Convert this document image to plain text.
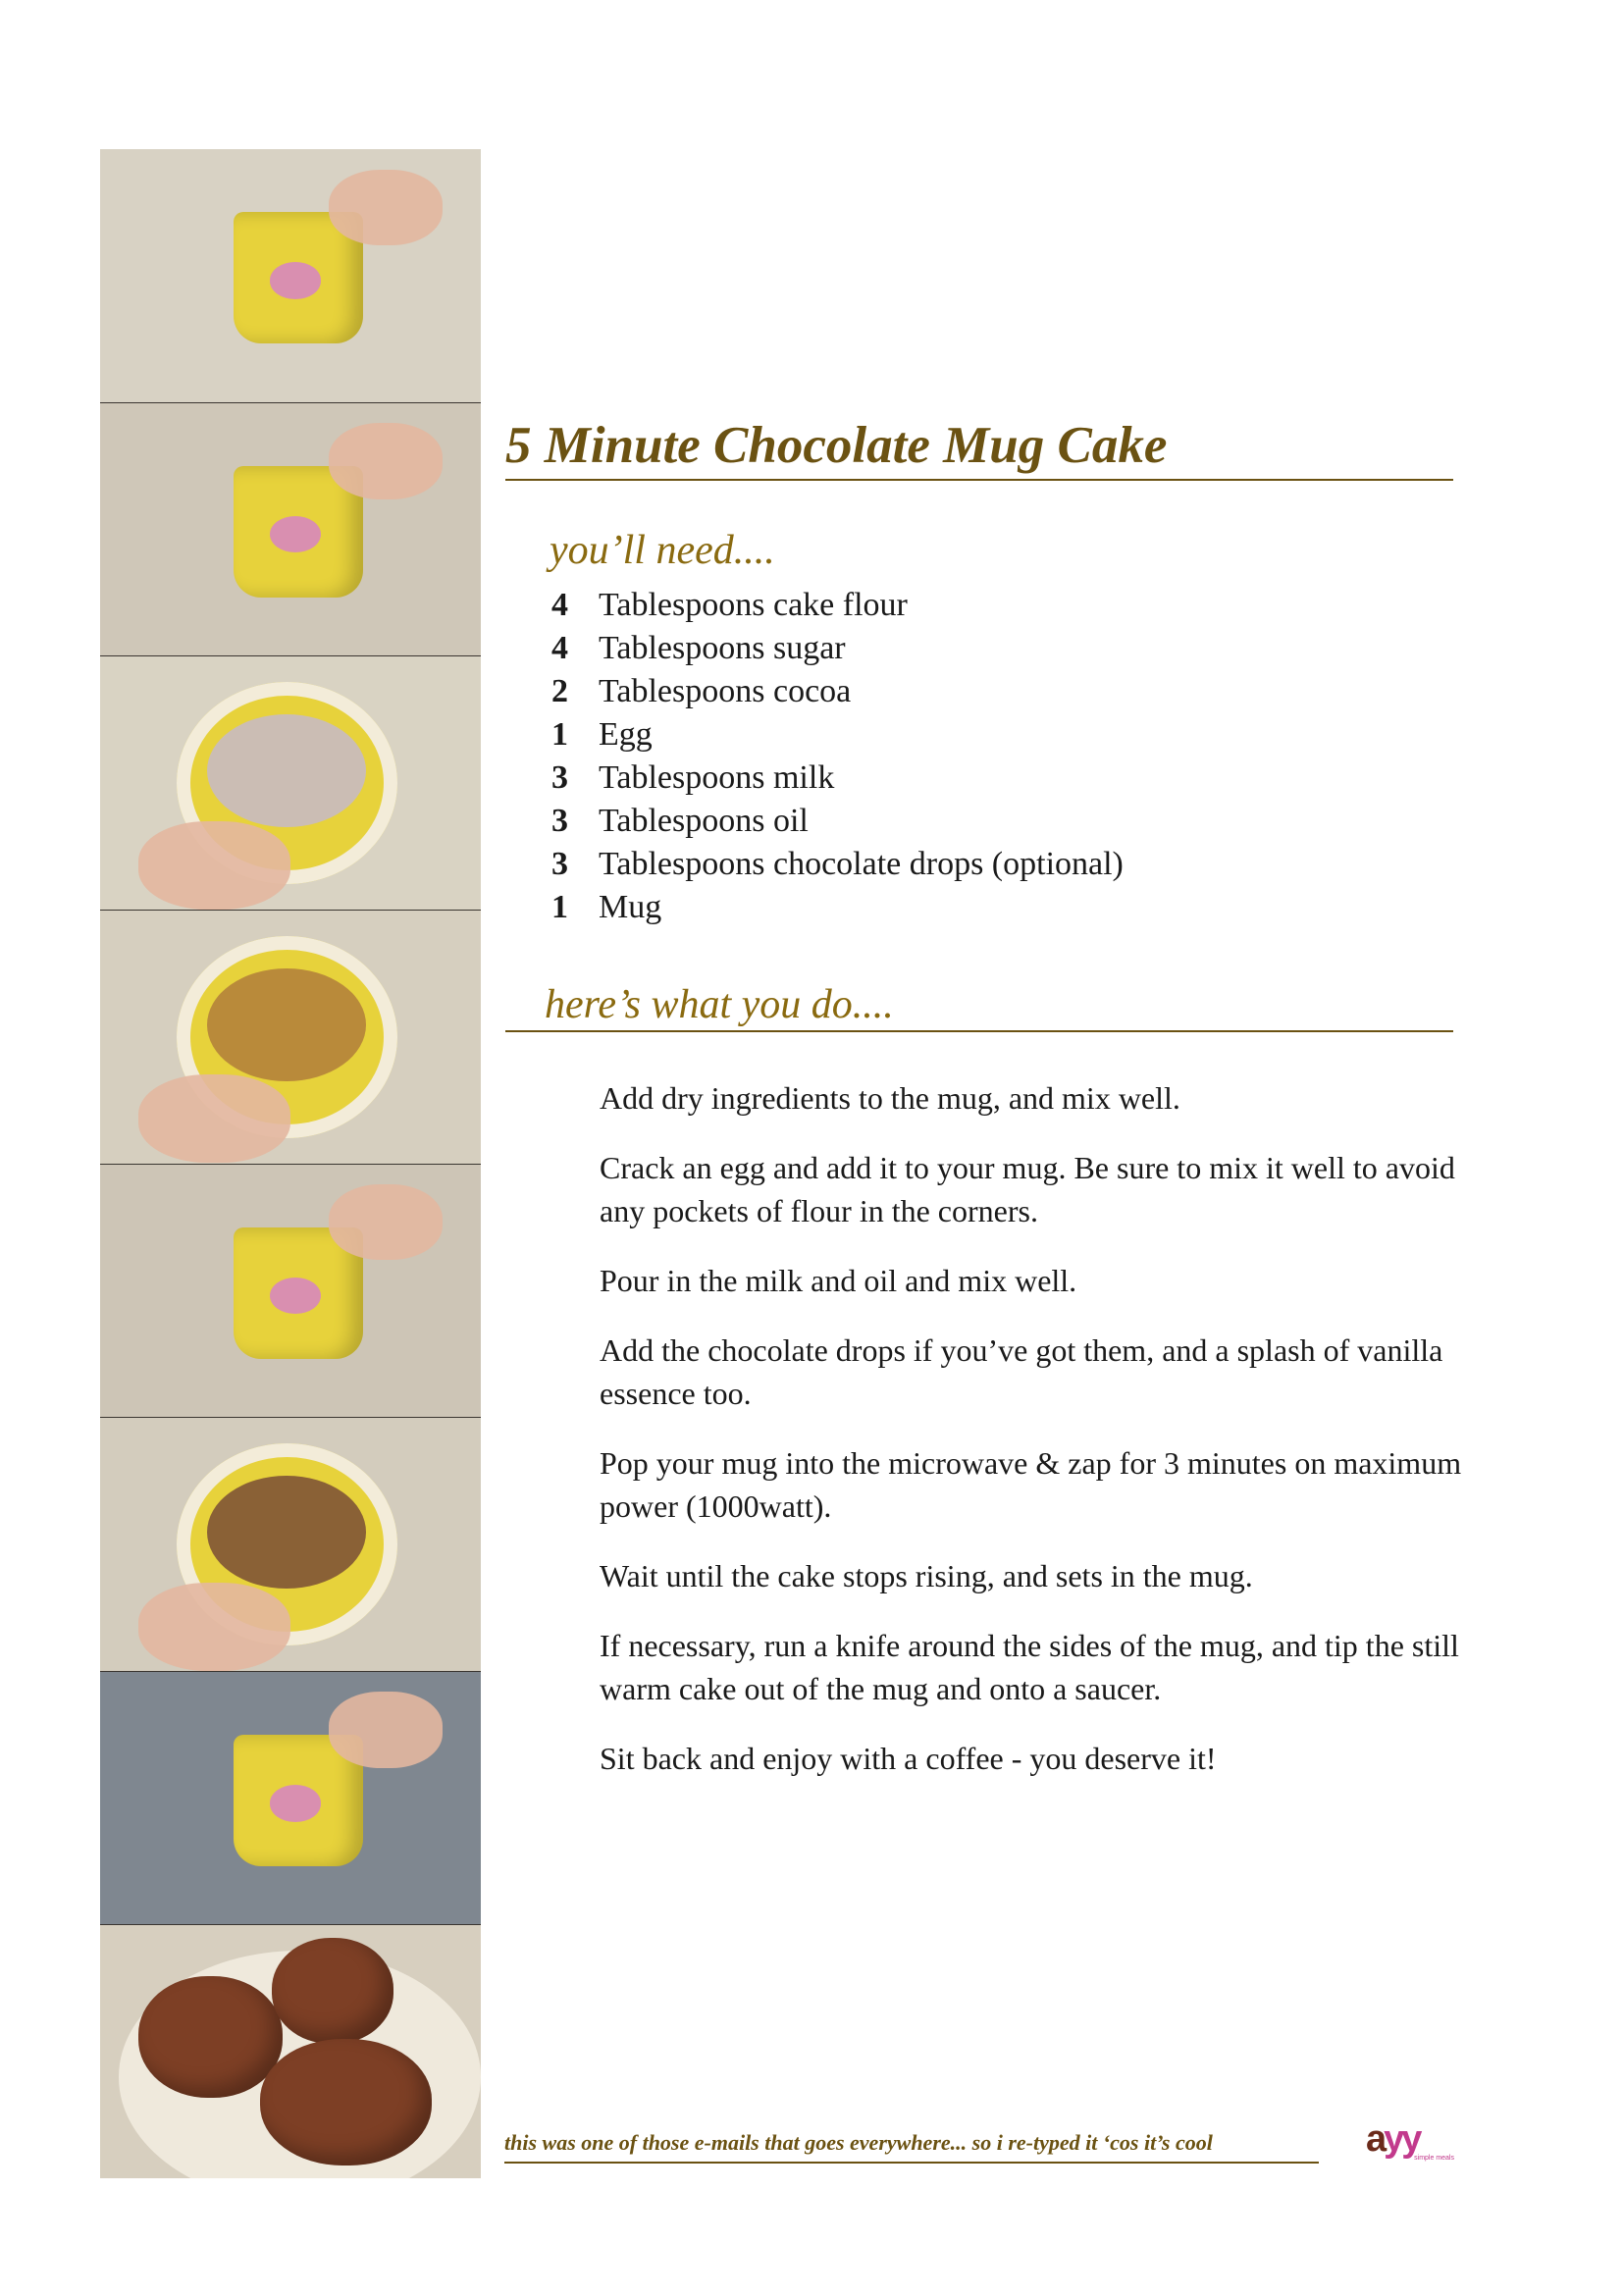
5 Minute Chocolate Mug Cake
you’ll need....
4 Tablespoons cake flour
4 Tablespoons sugar
2 Tablespoons cocoa
1 Egg
3 Tablespoons milk
3 Tablespoons oil
3 Tablespoons chocolate drops (optional)
1 Mug
here’s what you do....

Add dry ingredients to the mug, and mix well.

Crack an egg and add it to your mug. Be sure to mix it well to avoid any pockets of flour in the corners.

Pour in the milk and oil and mix well.

Add the chocolate drops if you’ve got them, and a splash of vanilla essence too.

Pop your mug into the microwave & zap for 3 minutes on maximum power (1000watt).

Wait until the cake stops rising, and sets in the mug.

If necessary, run a knife around the sides of the mug, and tip the still warm cake out of the mug and onto a saucer.

Sit back and enjoy with a coffee - you deserve it!

this was one of those e-mails that goes everywhere... so i re-typed it ‘cos it’s cool	ayy
simple meals
